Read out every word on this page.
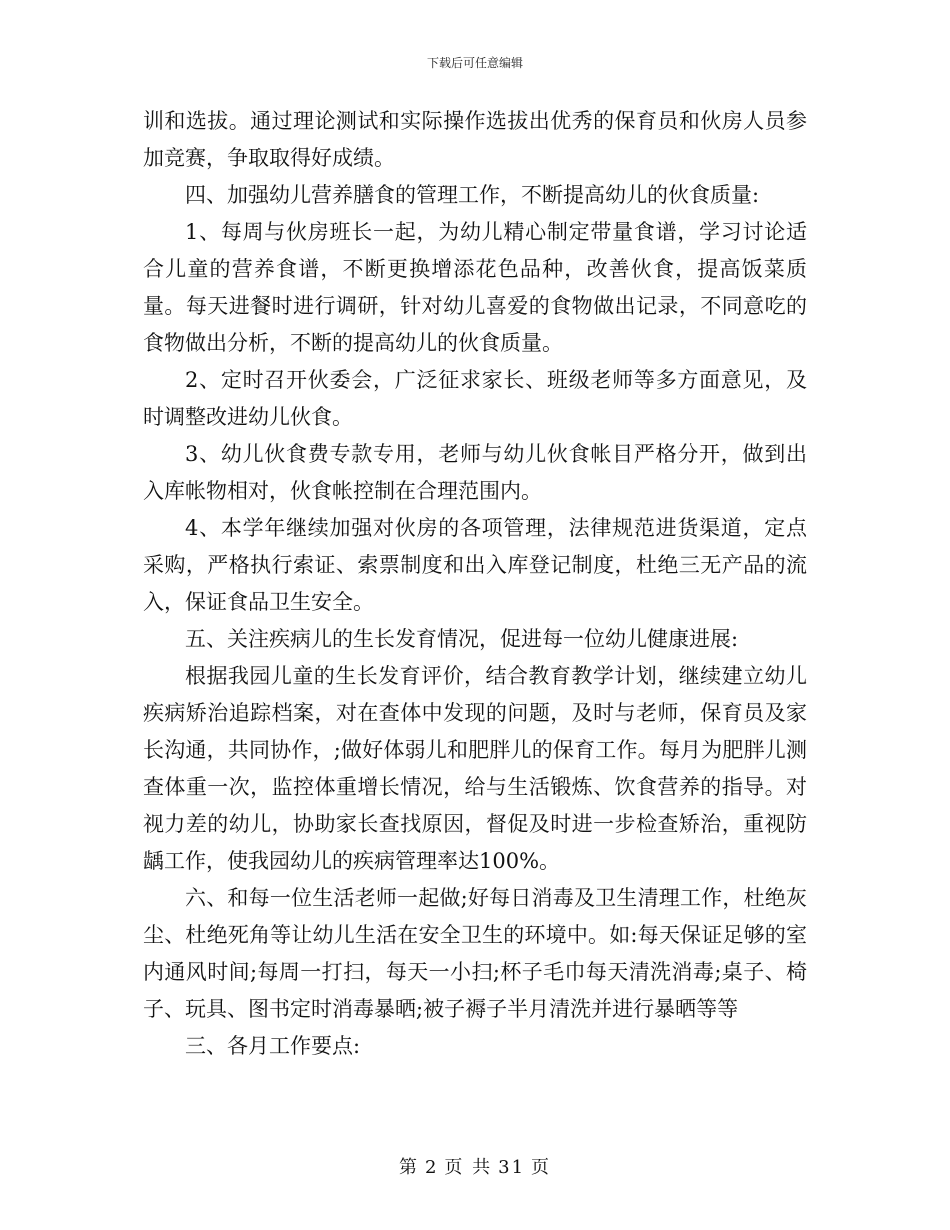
下载后可任意编辑

训和选拔。通过理论测试和实际操作选拔出优秀的保育员和伙房人员参加竞赛，争取取得好成绩。

四、加强幼儿营养膳食的管理工作，不断提高幼儿的伙食质量:

1、每周与伙房班长一起，为幼儿精心制定带量食谱，学习讨论适合儿童的营养食谱，不断更换增添花色品种，改善伙食，提高饭菜质量。每天进餐时进行调研，针对幼儿喜爱的食物做出记录，不同意吃的食物做出分析，不断的提高幼儿的伙食质量。

2、定时召开伙委会，广泛征求家长、班级老师等多方面意见，及时调整改进幼儿伙食。

3、幼儿伙食费专款专用，老师与幼儿伙食帐目严格分开，做到出入库帐物相对，伙食帐控制在合理范围内。

4、本学年继续加强对伙房的各项管理，法律规范进货渠道，定点采购，严格执行索证、索票制度和出入库登记制度，杜绝三无产品的流入，保证食品卫生安全。

五、关注疾病儿的生长发育情况，促进每一位幼儿健康进展:

根据我园儿童的生长发育评价，结合教育教学计划，继续建立幼儿疾病矫治追踪档案，对在查体中发现的问题，及时与老师，保育员及家长沟通，共同协作，;做好体弱儿和肥胖儿的保育工作。每月为肥胖儿测查体重一次，监控体重增长情况，给与生活锻炼、饮食营养的指导。对视力差的幼儿，协助家长查找原因，督促及时进一步检查矫治，重视防龋工作，使我园幼儿的疾病管理率达100%。

六、和每一位生活老师一起做;好每日消毒及卫生清理工作，杜绝灰尘、杜绝死角等让幼儿生活在安全卫生的环境中。如:每天保证足够的室内通风时间;每周一打扫，每天一小扫;杯子毛巾每天清洗消毒;桌子、椅子、玩具、图书定时消毒暴晒;被子褥子半月清洗并进行暴晒等等

三、各月工作要点:

第 2 页 共 31 页
